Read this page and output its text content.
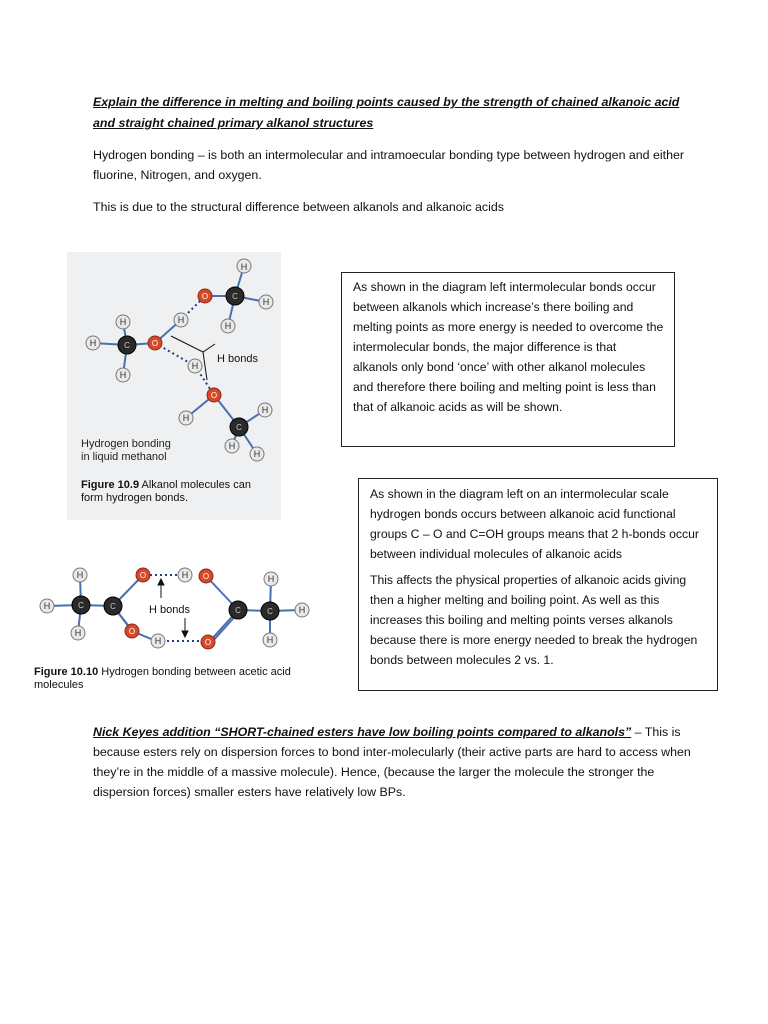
Explain the difference in melting and boiling points caused by the strength of chained alkanoic acid and straight chained primary alkanol structures

Hydrogen bonding – is both an intermolecular and intramoecular bonding type between hydrogen and either fluorine, Nitrogen, and oxygen.

This is due to the structural difference between alkanols and alkanoic acids

H
O	C
H
H
H
H
H	C	O
H
H
O
H
H
C
H
H
H bonds
Hydrogen bonding
in liquid methanol
Figure 10.9 Alkanol molecules can
form hydrogen bonds.
H
H
C
H
C
O	H
O
H	O
O
C	C
H
H
H
H bonds
Figure 10.10 Hydrogen bonding between acetic acid
molecules

As shown in the diagram left intermolecular bonds occur between alkanols which increase’s there boiling and melting points as more energy is needed to overcome the intermolecular bonds, the major difference is that alkanols only bond ‘once’ with other alkanol molecules and therefore there boiling and melting point is less than that of alkanoic acids as will be shown.

As shown in the diagram left on an intermolecular scale hydrogen bonds occurs between alkanoic acid functional groups C – O and C=OH groups means that 2 h-bonds occur between individual molecules of alkanoic acids

This affects the physical properties of alkanoic acids giving then a higher melting and boiling point. As well as this increases this boiling and melting points verses alkanols because there is more energy needed to break the hydrogen bonds between molecules 2 vs. 1.

Nick Keyes addition “SHORT-chained esters have low boiling points compared to alkanols” – This is because esters rely on dispersion forces to bond inter-molecularly (their active parts are hard to access when they’re in the middle of a massive molecule). Hence, (because the larger the molecule the stronger the dispersion forces) smaller esters have relatively low BPs.
